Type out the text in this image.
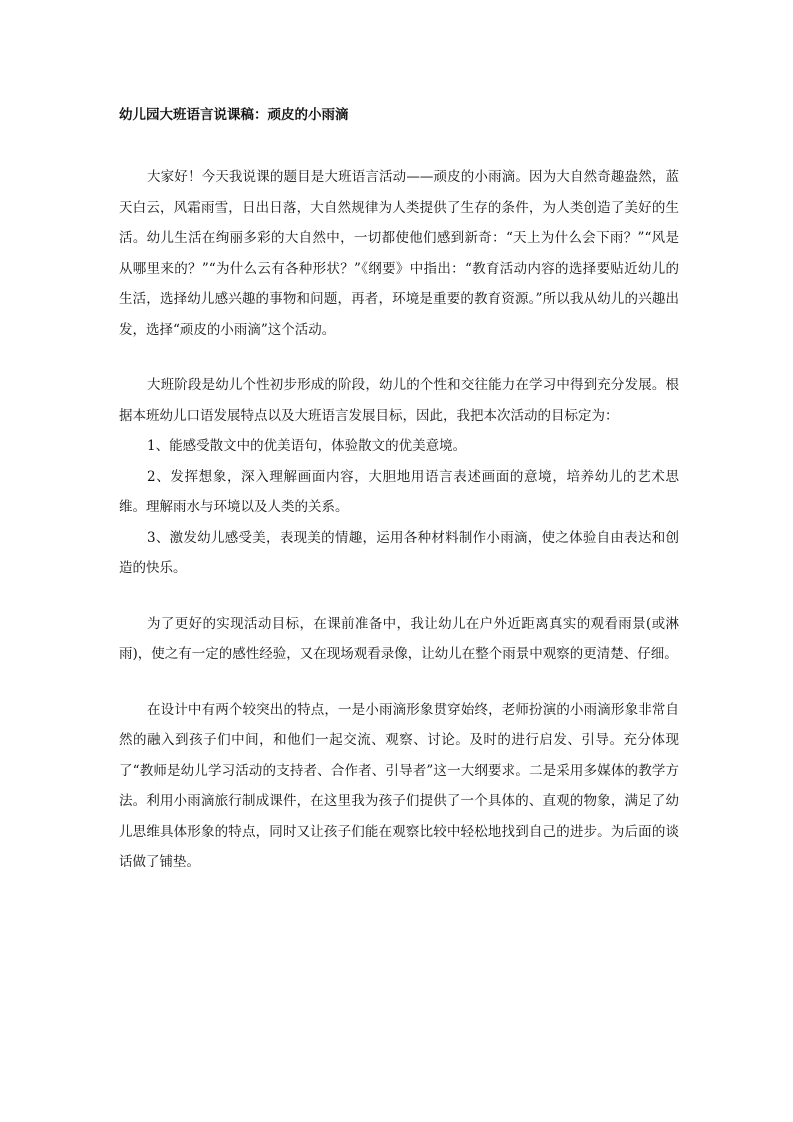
幼儿园大班语言说课稿：顽皮的小雨滴

大家好！今天我说课的题目是大班语言活动——顽皮的小雨滴。因为大自然奇趣盎然，蓝天白云，风霜雨雪，日出日落，大自然规律为人类提供了生存的条件，为人类创造了美好的生活。幼儿生活在绚丽多彩的大自然中，一切都使他们感到新奇：“天上为什么会下雨？”“风是从哪里来的？”“为什么云有各种形状？”《纲要》中指出：“教育活动内容的选择要贴近幼儿的生活，选择幼儿感兴趣的事物和问题，再者，环境是重要的教育资源。”所以我从幼儿的兴趣出发，选择“顽皮的小雨滴”这个活动。

大班阶段是幼儿个性初步形成的阶段，幼儿的个性和交往能力在学习中得到充分发展。根据本班幼儿口语发展特点以及大班语言发展目标，因此，我把本次活动的目标定为：

1、能感受散文中的优美语句，体验散文的优美意境。

2、发挥想象，深入理解画面内容，大胆地用语言表述画面的意境，培养幼儿的艺术思维。理解雨水与环境以及人类的关系。

3、激发幼儿感受美，表现美的情趣，运用各种材料制作小雨滴，使之体验自由表达和创造的快乐。

为了更好的实现活动目标，在课前准备中，我让幼儿在户外近距离真实的观看雨景(或淋雨)，使之有一定的感性经验，又在现场观看录像，让幼儿在整个雨景中观察的更清楚、仔细。

在设计中有两个较突出的特点，一是小雨滴形象贯穿始终，老师扮演的小雨滴形象非常自然的融入到孩子们中间，和他们一起交流、观察、讨论。及时的进行启发、引导。充分体现了“教师是幼儿学习活动的支持者、合作者、引导者”这一大纲要求。二是采用多媒体的教学方法。利用小雨滴旅行制成课件，在这里我为孩子们提供了一个具体的、直观的物象，满足了幼儿思维具体形象的特点，同时又让孩子们能在观察比较中轻松地找到自己的进步。为后面的谈话做了铺垫。
